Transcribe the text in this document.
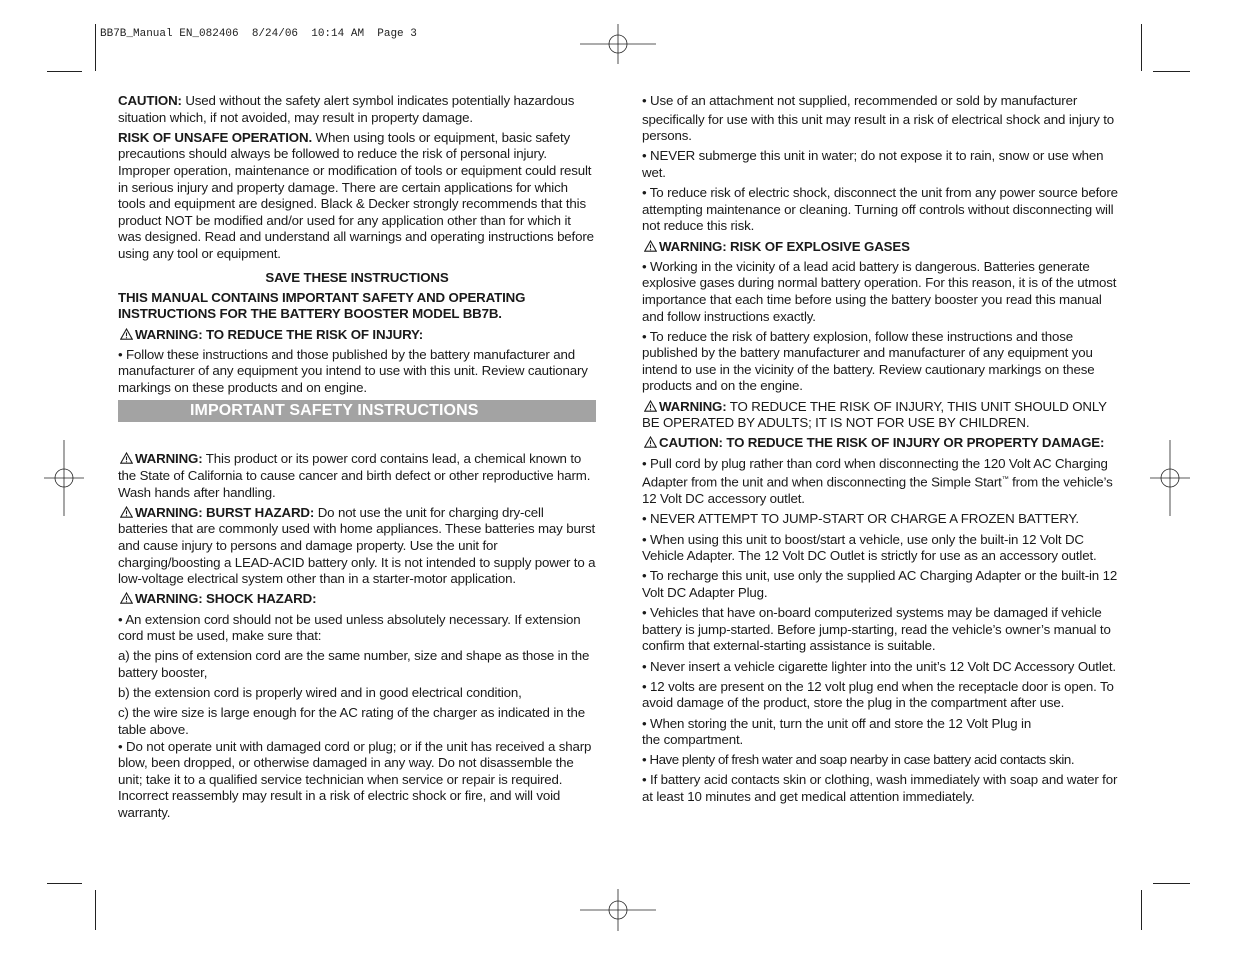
BB7B_Manual EN_082406  8/24/06  10:14 AM  Page 3

CAUTION: Used without the safety alert symbol indicates potentially hazardous situation which, if not avoided, may result in property damage.

RISK OF UNSAFE OPERATION. When using tools or equipment, basic safety precautions should always be followed to reduce the risk of personal injury. Improper operation, maintenance or modification of tools or equipment could result in serious injury and property damage. There are certain applications for which tools and equipment are designed. Black & Decker strongly recommends that this product NOT be modified and/or used for any application other than for which it was designed. Read and understand all warnings and operating instructions before using any tool or equipment.

SAVE THESE INSTRUCTIONS

THIS MANUAL CONTAINS IMPORTANT SAFETY AND OPERATING INSTRUCTIONS FOR THE BATTERY BOOSTER MODEL BB7B.

WARNING: TO REDUCE THE RISK OF INJURY:

• Follow these instructions and those published by the battery manufacturer and manufacturer of any equipment you intend to use with this unit. Review cautionary markings on these products and on engine.

IMPORTANT SAFETY INSTRUCTIONS

WARNING: This product or its power cord contains lead, a chemical known to the State of California to cause cancer and birth defect or other reproductive harm. Wash hands after handling.

WARNING: BURST HAZARD: Do not use the unit for charging dry-cell batteries that are commonly used with home appliances. These batteries may burst and cause injury to persons and damage property. Use the unit for charging/boosting a LEAD-ACID battery only. It is not intended to supply power to a low-voltage electrical system other than in a starter-motor application.

WARNING: SHOCK HAZARD:

• An extension cord should not be used unless absolutely necessary. If extension cord must be used, make sure that:

a) the pins of extension cord are the same number, size and shape as those in the battery booster,

b) the extension cord is properly wired and in good electrical condition,

c) the wire size is large enough for the AC rating of the charger as indicated in the table above.

• Do not operate unit with damaged cord or plug; or if the unit has received a sharp blow, been dropped, or otherwise damaged in any way. Do not disassemble the unit; take it to a qualified service technician when service or repair is required. Incorrect reassembly may result in a risk of electric shock or fire, and will void warranty.

• Use of an attachment not supplied, recommended or sold by manufacturer

specifically for use with this unit may result in a risk of electrical shock and injury to persons.

• NEVER submerge this unit in water; do not expose it to rain, snow or use when wet.

• To reduce risk of electric shock, disconnect the unit from any power source before attempting maintenance or cleaning. Turning off controls without disconnecting will not reduce this risk.

WARNING: RISK OF EXPLOSIVE GASES

• Working in the vicinity of a lead acid battery is dangerous. Batteries generate explosive gases during normal battery operation. For this reason, it is of the utmost importance that each time before using the battery booster you read this manual and follow instructions exactly.

• To reduce the risk of battery explosion, follow these instructions and those published by the battery manufacturer and manufacturer of any equipment you intend to use in the vicinity of the battery. Review cautionary markings on these products and on the engine.

WARNING: TO REDUCE THE RISK OF INJURY, THIS UNIT SHOULD ONLY BE OPERATED BY ADULTS; IT IS NOT FOR USE BY CHILDREN.

CAUTION: TO REDUCE THE RISK OF INJURY OR PROPERTY DAMAGE:

• Pull cord by plug rather than cord when disconnecting the 120 Volt AC Charging Adapter from the unit and when disconnecting the Simple Start™ from the vehicle’s 12 Volt DC accessory outlet.

• NEVER ATTEMPT TO JUMP-START OR CHARGE A FROZEN BATTERY.

• When using this unit to boost/start a vehicle, use only the built-in 12 Volt DC Vehicle Adapter. The 12 Volt DC Outlet is strictly for use as an accessory outlet.

• To recharge this unit, use only the supplied AC Charging Adapter or the built-in 12 Volt DC Adapter Plug.

• Vehicles that have on-board computerized systems may be damaged if vehicle battery is jump-started. Before jump-starting, read the vehicle’s owner’s manual to confirm that external-starting assistance is suitable.

• Never insert a vehicle cigarette lighter into the unit’s 12 Volt DC Accessory Outlet.

• 12 volts are present on the 12 volt plug end when the receptacle door is open. To avoid damage of the product, store the plug in the compartment after use.

• When storing the unit, turn the unit off and store the 12 Volt Plug in

the compartment.

• Have plenty of fresh water and soap nearby in case battery acid contacts skin.

• If battery acid contacts skin or clothing, wash immediately with soap and water for at least 10 minutes and get medical attention immediately.
